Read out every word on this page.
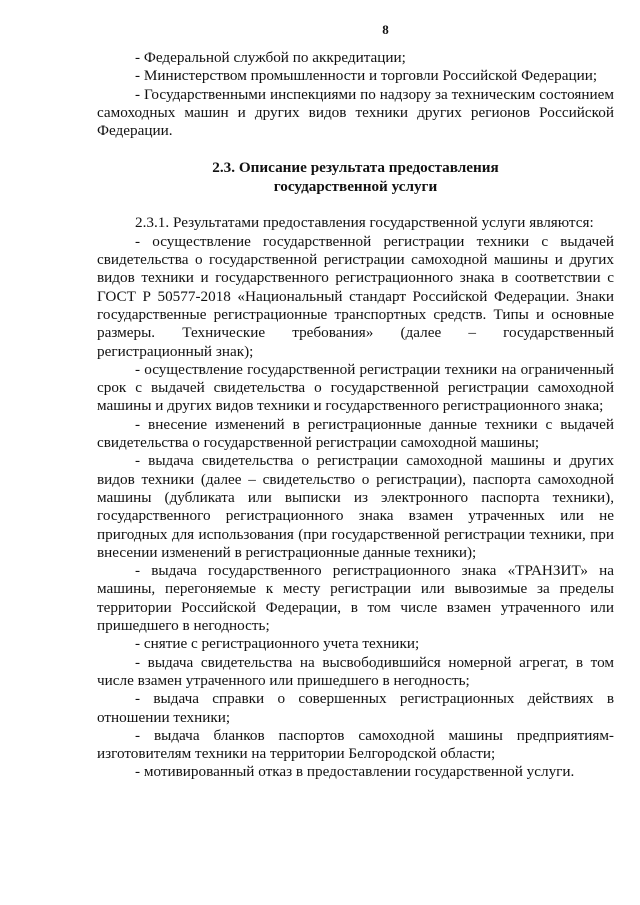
8

- Федеральной службой по аккредитации;

- Министерством промышленности и торговли Российской Федерации;

- Государственными инспекциями по надзору за техническим состоянием самоходных машин и других видов техники других регионов Российской Федерации.

2.3. Описание результата предоставления
государственной услуги

2.3.1. Результатами предоставления государственной услуги являются:

- осуществление государственной регистрации техники с выдачей свидетельства о государственной регистрации самоходной машины и других видов техники и государственного регистрационного знака в соответствии с ГОСТ Р 50577-2018 «Национальный стандарт Российской Федерации. Знаки государственные регистрационные транспортных средств. Типы и основные размеры. Технические требования» (далее – государственный регистрационный знак);

- осуществление государственной регистрации техники на ограниченный срок с выдачей свидетельства о государственной регистрации самоходной машины и других видов техники и государственного регистрационного знака;

- внесение изменений в регистрационные данные техники с выдачей свидетельства о государственной регистрации самоходной машины;

- выдача свидетельства о регистрации самоходной машины и других видов техники (далее – свидетельство о регистрации), паспорта самоходной машины (дубликата или выписки из электронного паспорта техники), государственного регистрационного знака взамен утраченных или не пригодных для использования (при государственной регистрации техники, при внесении изменений в регистрационные данные техники);

- выдача государственного регистрационного знака «ТРАНЗИТ» на машины, перегоняемые к месту регистрации или вывозимые за пределы территории Российской Федерации, в том числе взамен утраченного или пришедшего в негодность;

- снятие с регистрационного учета техники;

- выдача свидетельства на высвободившийся номерной агрегат, в том числе взамен утраченного или пришедшего в негодность;

- выдача справки о совершенных регистрационных действиях в отношении техники;

- выдача бланков паспортов самоходной машины предприятиям-изготовителям техники на территории Белгородской области;

- мотивированный отказ в предоставлении государственной услуги.
